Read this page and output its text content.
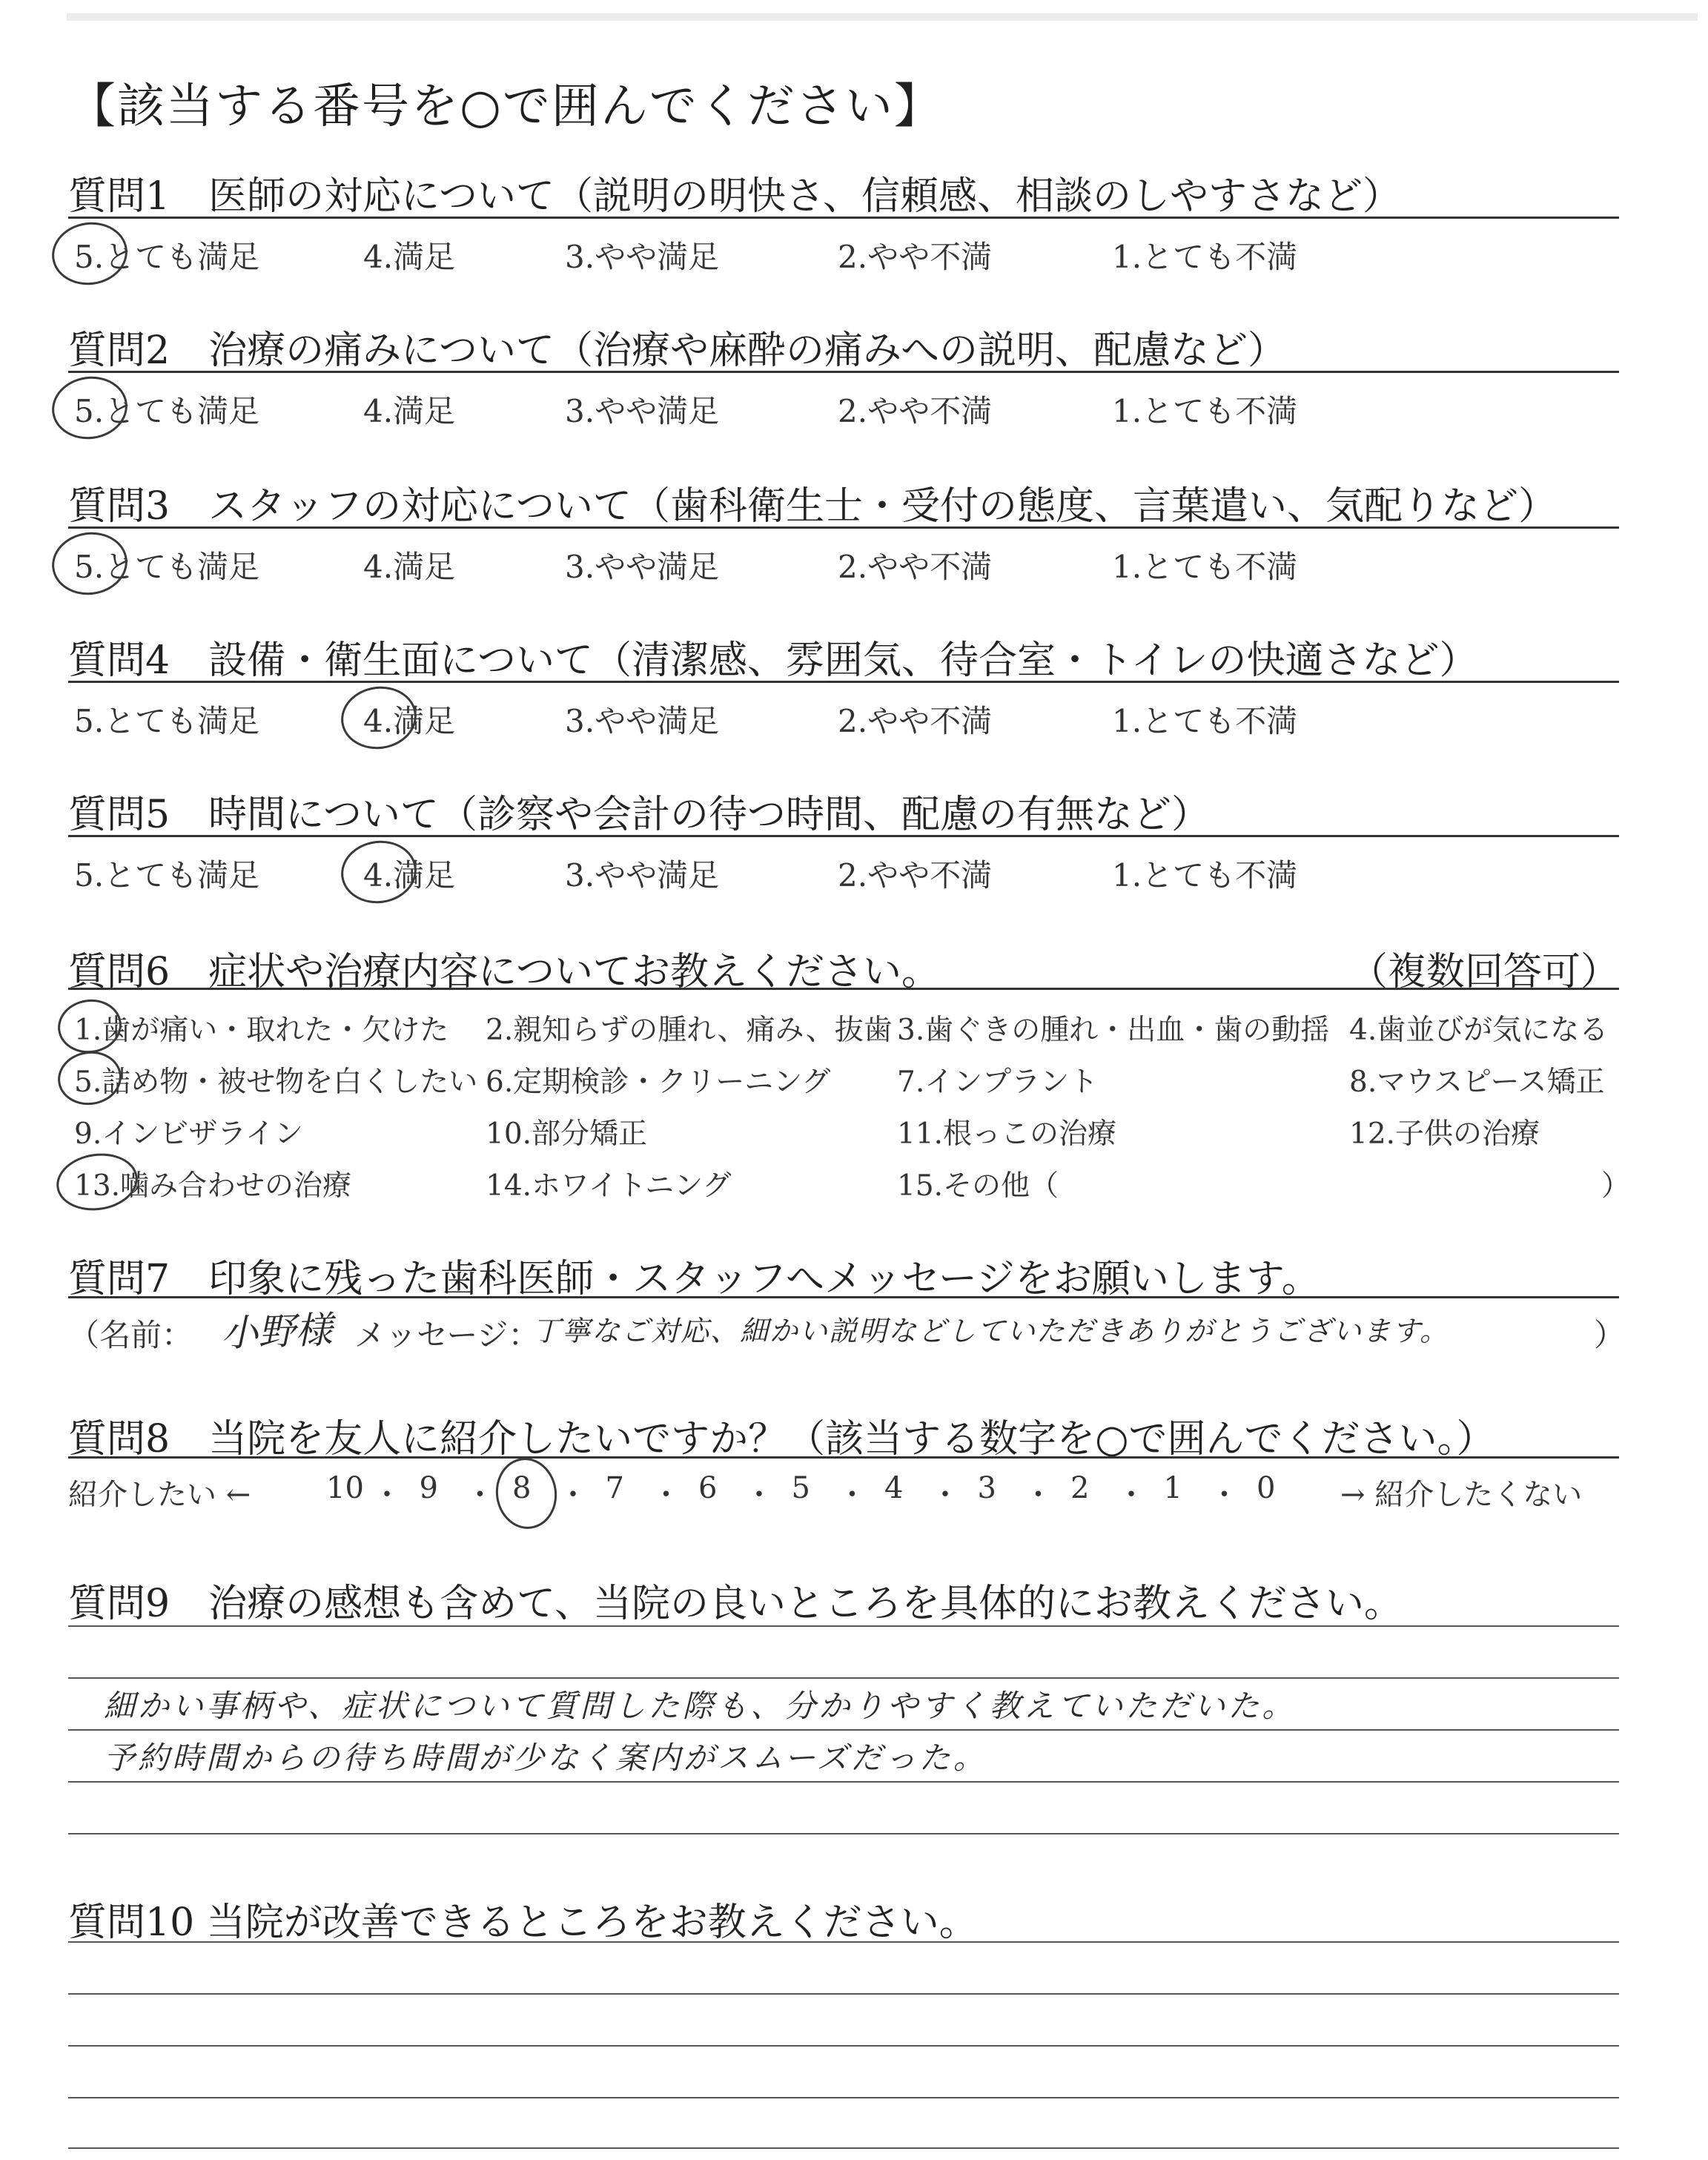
【該当する番号を○で囲んでください】
質問1　医師の対応について（説明の明快さ、信頼感、相談のしやすさなど）
5.とても満足	4.満足	3.やや満足	2.やや不満	1.とても不満
質問2　治療の痛みについて（治療や麻酔の痛みへの説明、配慮など）
5.とても満足	4.満足	3.やや満足	2.やや不満	1.とても不満
質問3　スタッフの対応について（歯科衛生士・受付の態度、言葉遣い、気配りなど）
5.とても満足	4.満足	3.やや満足	2.やや不満	1.とても不満
質問4　設備・衛生面について（清潔感、雰囲気、待合室・トイレの快適さなど）
5.とても満足	4.満足	3.やや満足	2.やや不満	1.とても不満
質問5　時間について（診察や会計の待つ時間、配慮の有無など）
5.とても満足	4.満足	3.やや満足	2.やや不満	1.とても不満
質問6　症状や治療内容についてお教えください。	（複数回答可）
1.歯が痛い・取れた・欠けた 2.親知らずの腫れ、痛み、抜歯 3.歯ぐきの腫れ・出血・歯の動揺 4.歯並びが気になる
5.詰め物・被せ物を白くしたい 6.定期検診・クリーニング 7.インプラント	8.マウスピース矯正
9.インビザライン	10.部分矯正	11.根っこの治療	12.子供の治療
13.噛み合わせの治療	14.ホワイトニング	15.その他（	）
質問7　印象に残った歯科医師・スタッフへメッセージをお願いします。
（名前： 小野様 メッセージ：
丁寧なご対応、細かい説明などしていただきありがとうございます。	）
質問8　当院を友人に紹介したいですか？（該当する数字を○で囲んでください。）
紹介したい ←	10 ・ 9 ・ 8 ・ 7 ・ 6 ・ 5 ・ 4 ・ 3 ・ 2 ・ 1 ・ 0 → 紹介したくない
質問9　治療の感想も含めて、当院の良いところを具体的にお教えください。
細かい事柄や、症状について質問した際も、分かりやすく教えていただいた。
予約時間からの待ち時間が少なく案内がスムーズだった。
質問10 当院が改善できるところをお教えください。
